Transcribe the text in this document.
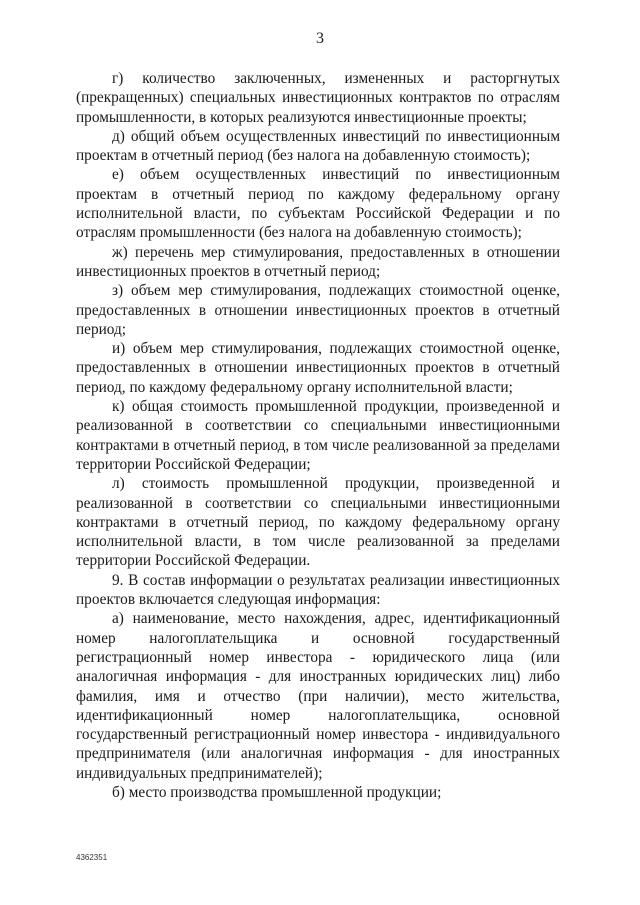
3

г) количество заключенных, измененных и расторгнутых (прекращенных) специальных инвестиционных контрактов по отраслям промышленности, в которых реализуются инвестиционные проекты;

д) общий объем осуществленных инвестиций по инвестиционным проектам в отчетный период (без налога на добавленную стоимость);

е) объем осуществленных инвестиций по инвестиционным проектам в отчетный период по каждому федеральному органу исполнительной власти, по субъектам Российской Федерации и по отраслям промышленности (без налога на добавленную стоимость);

ж) перечень мер стимулирования, предоставленных в отношении инвестиционных проектов в отчетный период;

з) объем мер стимулирования, подлежащих стоимостной оценке, предоставленных в отношении инвестиционных проектов в отчетный период;

и) объем мер стимулирования, подлежащих стоимостной оценке, предоставленных в отношении инвестиционных проектов в отчетный период, по каждому федеральному органу исполнительной власти;

к) общая стоимость промышленной продукции, произведенной и реализованной в соответствии со специальными инвестиционными контрактами в отчетный период, в том числе реализованной за пределами территории Российской Федерации;

л) стоимость промышленной продукции, произведенной и реализованной в соответствии со специальными инвестиционными контрактами в отчетный период, по каждому федеральному органу исполнительной власти, в том числе реализованной за пределами территории Российской Федерации.

9. В состав информации о результатах реализации инвестиционных проектов включается следующая информация:

а) наименование, место нахождения, адрес, идентификационный номер налогоплательщика и основной государственный регистрационный номер инвестора - юридического лица (или аналогичная информация - для иностранных юридических лиц) либо фамилия, имя и отчество (при наличии), место жительства, идентификационный номер налогоплательщика, основной государственный регистрационный номер инвестора - индивидуального предпринимателя (или аналогичная информация - для иностранных индивидуальных предпринимателей);

б) место производства промышленной продукции;

4362351
